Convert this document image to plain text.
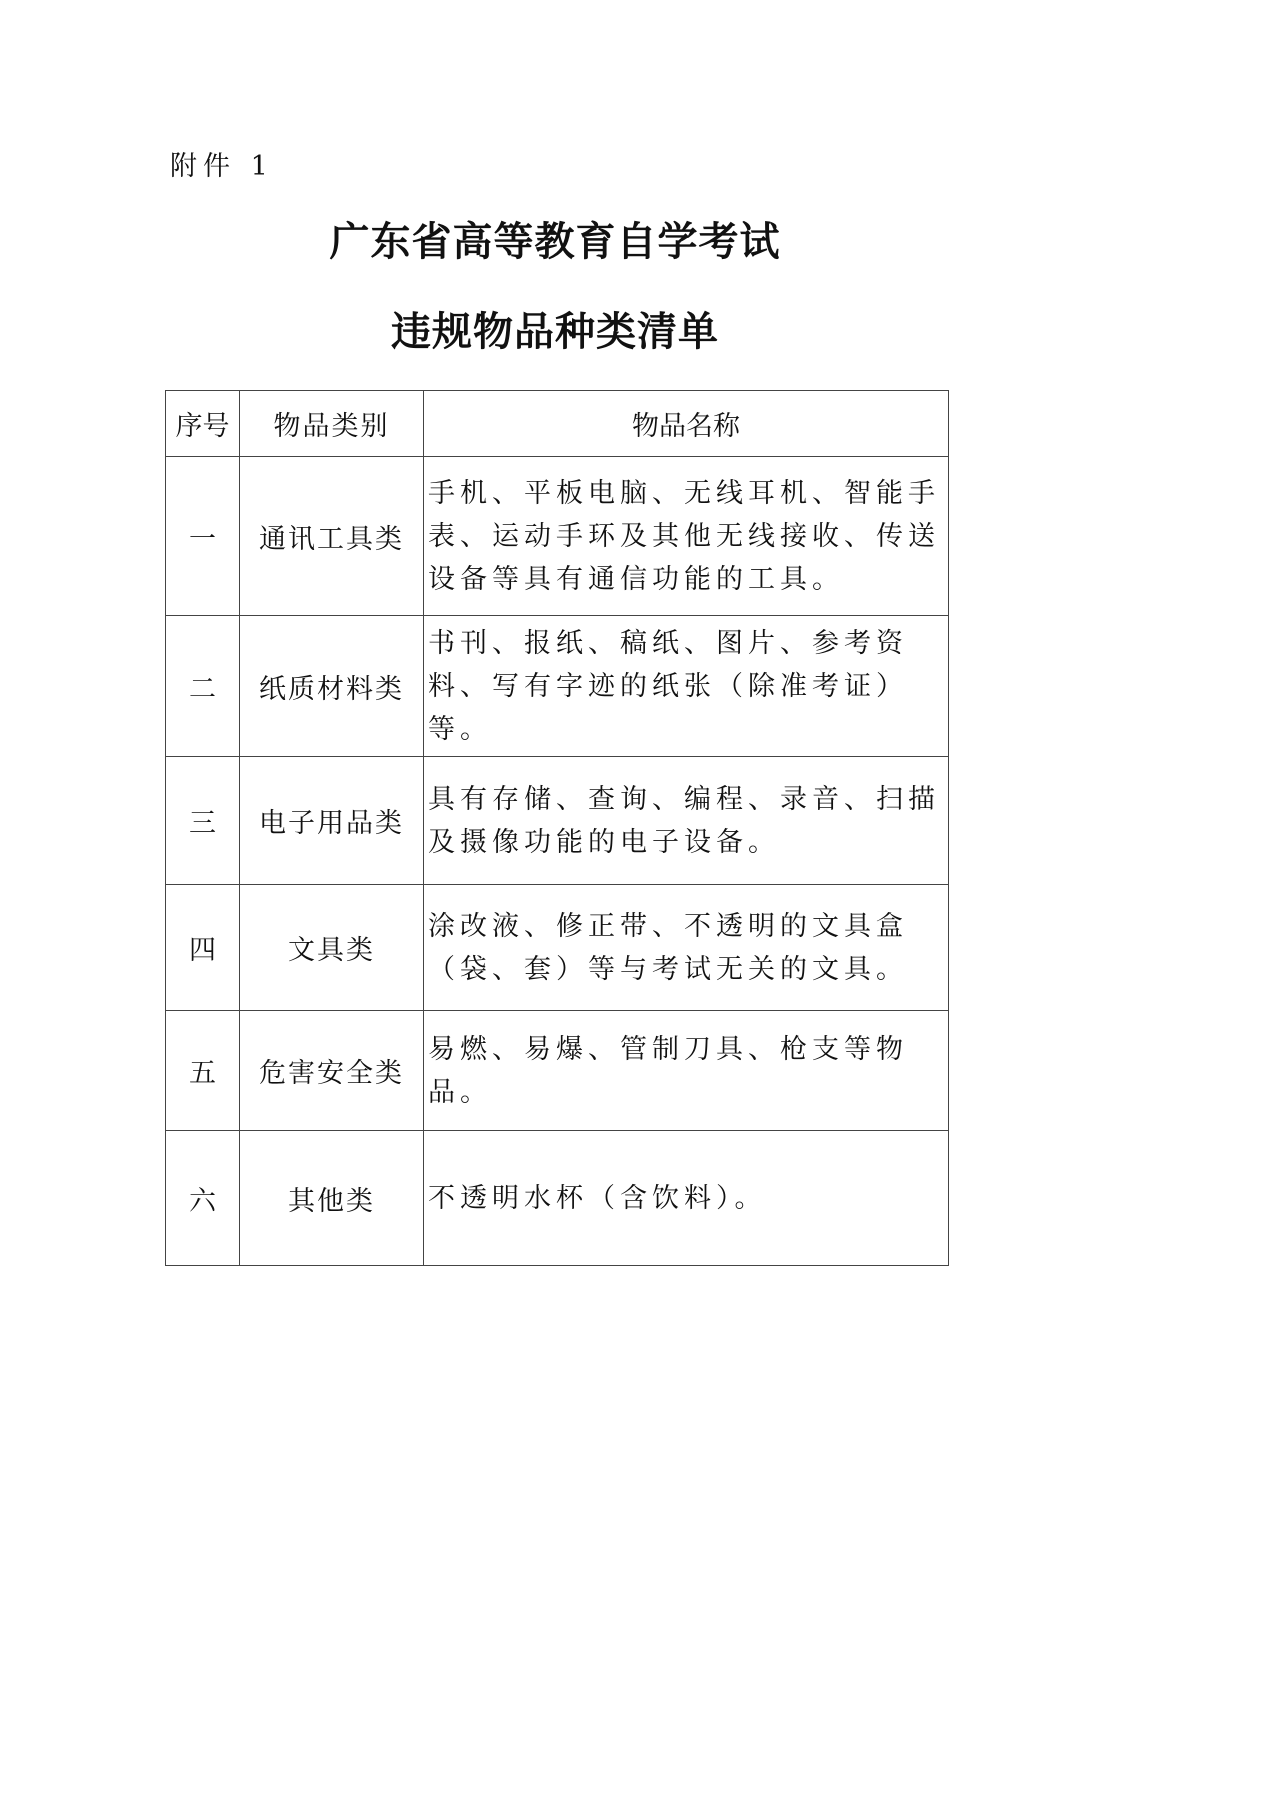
附件 1
广东省高等教育自学考试
违规物品种类清单
序号	物品类别	物品名称
一	通讯工具类	手机、平板电脑、无线耳机、智能手表、运动手环及其他无线接收、传送设备等具有通信功能的工具。
二	纸质材料类	书刊、报纸、稿纸、图片、参考资料、写有字迹的纸张（除准考证）等。
三	电子用品类	具有存储、查询、编程、录音、扫描及摄像功能的电子设备。
四	文具类	涂改液、修正带、不透明的文具盒（袋、套）等与考试无关的文具。
五	危害安全类	易燃、易爆、管制刀具、枪支等物品。
六	其他类	不透明水杯（含饮料）。
